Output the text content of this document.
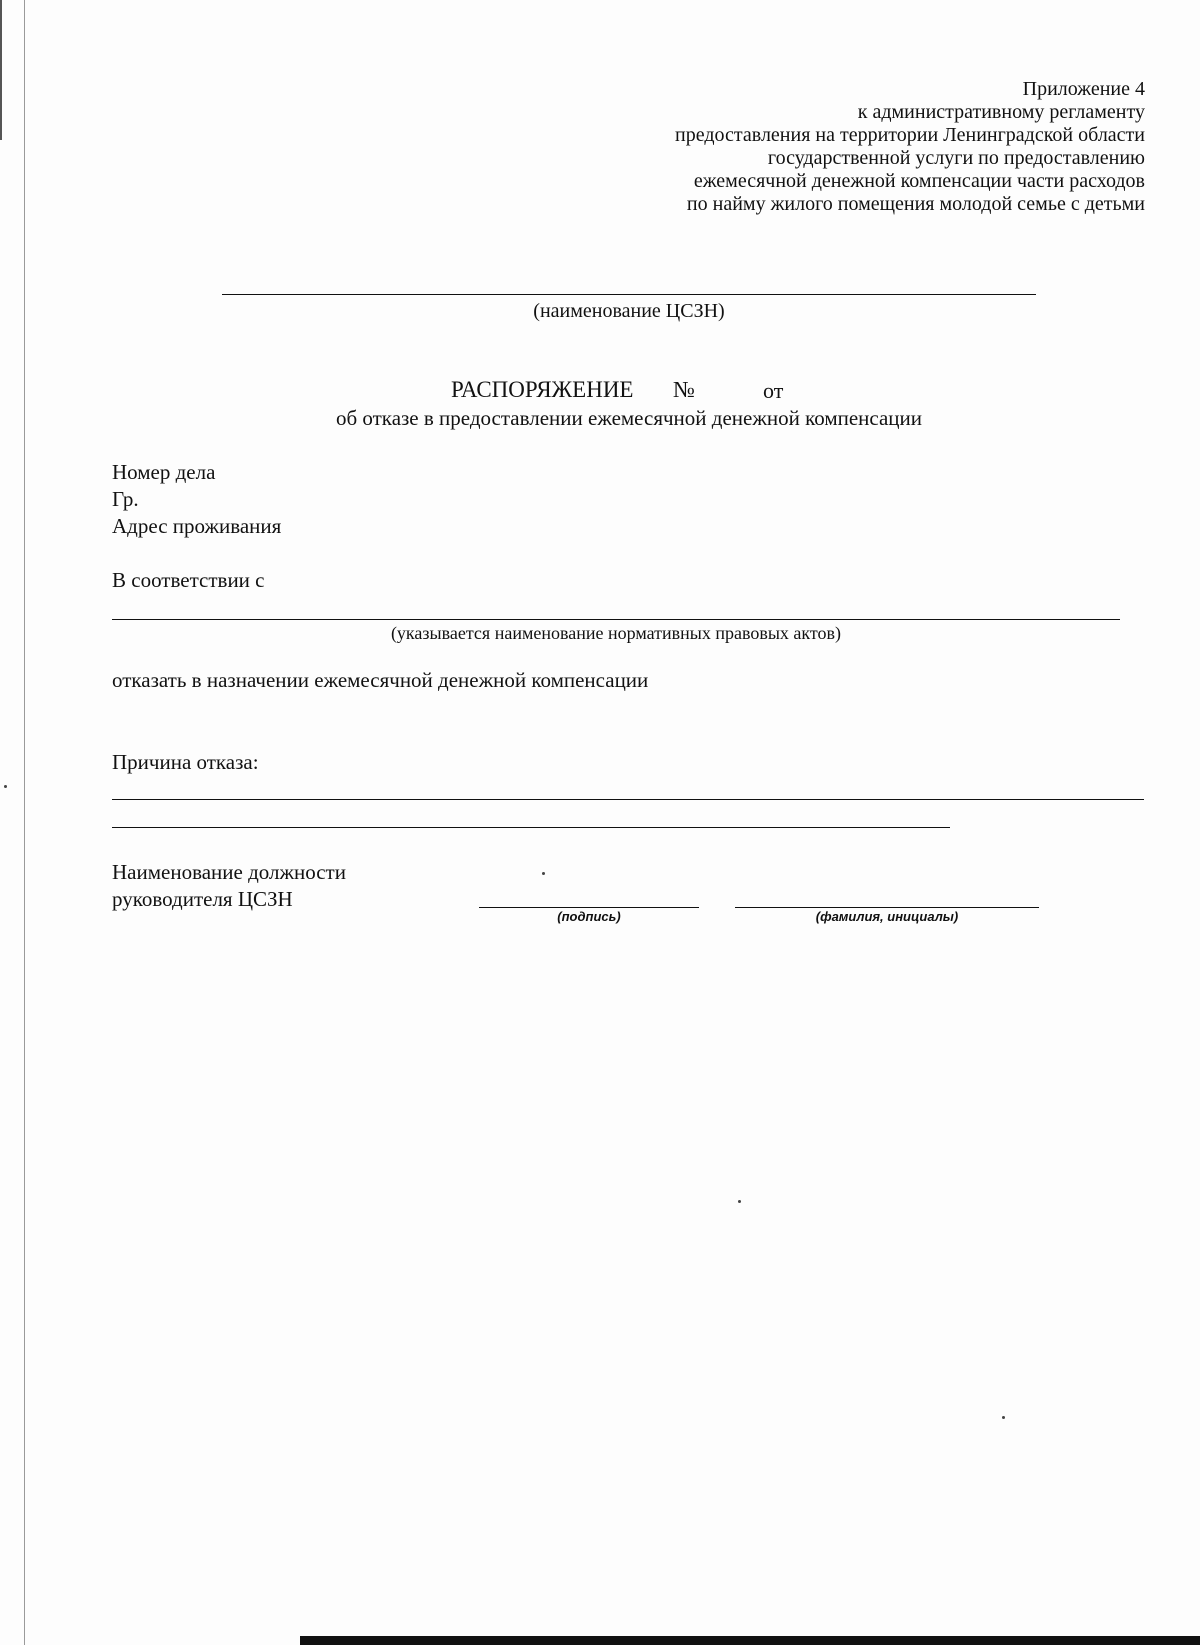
Приложение 4
к административному регламенту
предоставления на территории Ленинградской области
государственной услуги по предоставлению
ежемесячной денежной компенсации части расходов
по найму жилого помещения молодой семье с детьми
(наименование ЦСЗН)
РАСПОРЯЖЕНИЕ №	от
об отказе в предоставлении ежемесячной денежной компенсации
Номер дела
Гр.
Адрес проживания
В соответствии с
(указывается наименование нормативных правовых актов)
отказать в назначении ежемесячной денежной компенсации
Причина отказа:
Наименование должности
руководителя ЦСЗН
(подпись)	(фамилия, инициалы)
